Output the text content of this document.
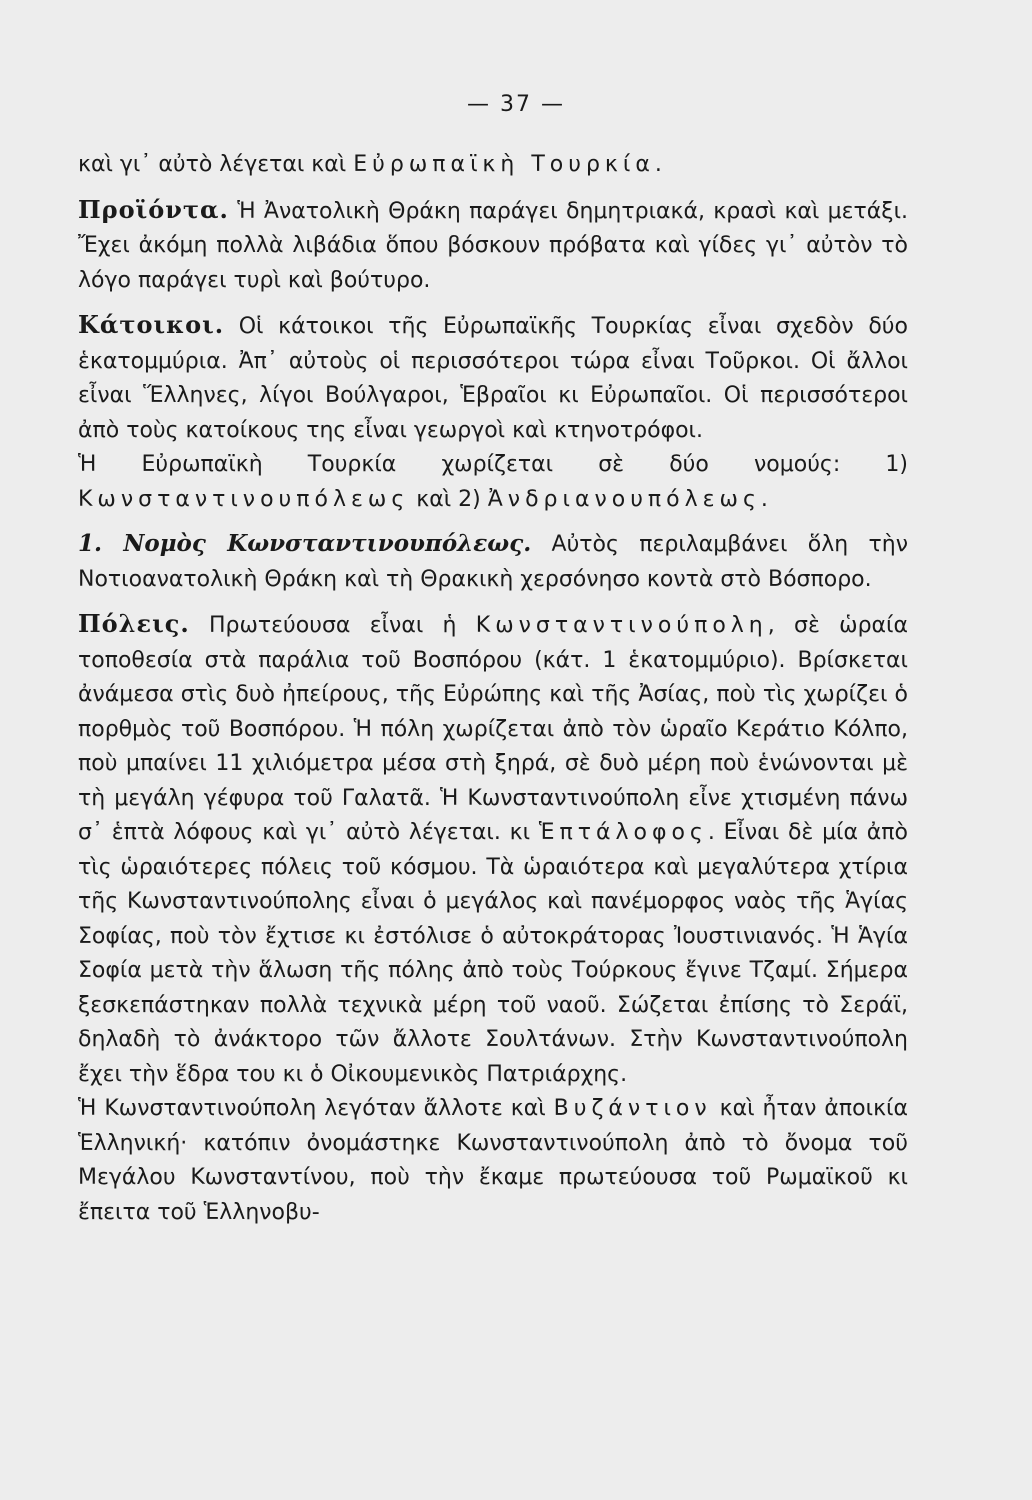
— 37 —

καὶ γι᾽ αὐτὸ λέγεται καὶ Εὐρωπαϊκὴ Τουρκία.

Προϊόντα. Ἡ Ἀνατολικὴ Θράκη παράγει δημητριακά, κρασὶ καὶ μετάξι. Ἔχει ἀκόμη πολλὰ λιβάδια ὅπου βόσκουν πρόβατα καὶ γίδες γι᾽ αὐτὸν τὸ λόγο παράγει τυρὶ καὶ βούτυρο.

Κάτοικοι. Οἱ κάτοικοι τῆς Εὐρωπαϊκῆς Τουρκίας εἶναι σχεδὸν δύο ἑκατομμύρια. Ἀπ᾽ αὐτοὺς οἱ περισσότεροι τώρα εἶναι Τοῦρκοι. Οἱ ἄλλοι εἶναι Ἕλληνες, λίγοι Βούλγαροι, Ἑβραῖοι κι Εὐρωπαῖοι. Οἱ περισσότεροι ἀπὸ τοὺς κατοίκους της εἶναι γεωργοὶ καὶ κτηνοτρόφοι.

Ἡ Εὐρωπαϊκὴ Τουρκία χωρίζεται σὲ δύο νομούς: 1) Κωνσταντινουπόλεως καὶ 2) Ἀνδριανουπόλεως.

1. Νομὸς Κωνσταντινουπόλεως. Αὐτὸς περιλαμβάνει ὅλη τὴν Νοτιοανατολικὴ Θράκη καὶ τὴ Θρακικὴ χερσόνησο κοντὰ στὸ Βόσπορο.

Πόλεις. Πρωτεύουσα εἶναι ἡ Κωνσταντινούπολη, σὲ ὡραία τοποθεσία στὰ παράλια τοῦ Βοσπόρου (κάτ. 1 ἑκατομμύριο). Βρίσκεται ἀνάμεσα στὶς δυὸ ἠπείρους, τῆς Εὐρώπης καὶ τῆς Ἀσίας, ποὺ τὶς χωρίζει ὁ πορθμὸς τοῦ Βοσπόρου. Ἡ πόλη χωρίζεται ἀπὸ τὸν ὡραῖο Κεράτιο Κόλπο, ποὺ μπαίνει 11 χιλιόμετρα μέσα στὴ ξηρά, σὲ δυὸ μέρη ποὺ ἑνώνονται μὲ τὴ μεγάλη γέφυρα τοῦ Γαλατᾶ. Ἡ Κωνσταντινούπολη εἶνε χτισμένη πάνω σ᾽ ἑπτὰ λόφους καὶ γι᾽ αὐτὸ λέγεται. κι Ἑπτάλοφος. Εἶναι δὲ μία ἀπὸ τὶς ὡραιότερες πόλεις τοῦ κόσμου. Τὰ ὡραιότερα καὶ μεγαλύτερα χτίρια τῆς Κωνσταντινούπολης εἶναι ὁ μεγάλος καὶ πανέμορφος ναὸς τῆς Ἁγίας Σοφίας, ποὺ τὸν ἔχτισε κι ἐστόλισε ὁ αὐτοκράτορας Ἰουστινιανός. Ἡ Ἁγία Σοφία μετὰ τὴν ἅλωση τῆς πόλης ἀπὸ τοὺς Τούρκους ἔγινε Τζαμί. Σήμερα ξεσκεπάστηκαν πολλὰ τεχνικὰ μέρη τοῦ ναοῦ. Σώζεται ἐπίσης τὸ Σεράϊ, δηλαδὴ τὸ ἀνάκτορο τῶν ἄλλοτε Σουλτάνων. Στὴν Κωνσταντινούπολη ἔχει τὴν ἕδρα του κι ὁ Οἰκουμενικὸς Πατριάρχης.

Ἡ Κωνσταντινούπολη λεγόταν ἄλλοτε καὶ Βυζάντιον καὶ ἦταν ἀποικία Ἑλληνική· κατόπιν ὀνομάστηκε Κωνσταντινούπολη ἀπὸ τὸ ὄνομα τοῦ Μεγάλου Κωνσταντίνου, ποὺ τὴν ἔκαμε πρωτεύουσα τοῦ Ρωμαϊκοῦ κι ἔπειτα τοῦ Ἑλληνοβυ-
